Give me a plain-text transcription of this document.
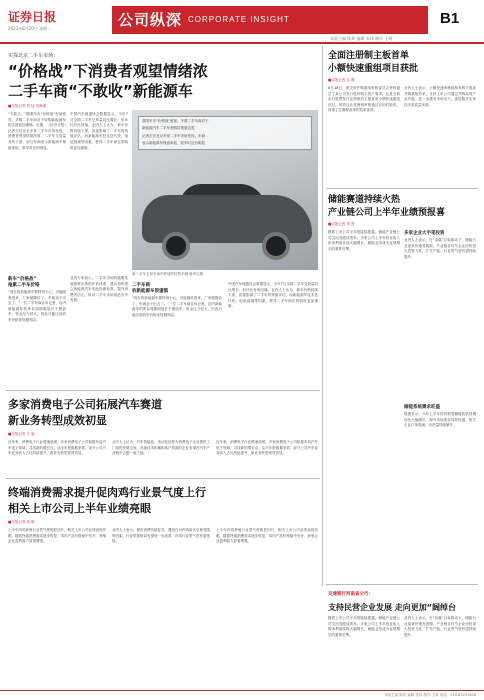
证券日报
2023年8月20日 星期一	公司纵深 CORPORATE INSIGHT	B1
本版主编 陈炜 编辑 张伟 制作 王晓
实探北京二手车市场：
“价格战”下消费者观望情绪浓
二手车商“不敢收”新能源车
■本报记者 刘 钊 肖海瑞
“不敢买，”随着车市“价格战”愈演愈烈，多数二手车商对于收购新能源车的态度更加谨慎。近期，《证券日报》记者走访北京多家二手车市场发现，消费者观望情绪浓厚，二手车交易量有所下滑，部分车商表示新能源车保值率低，收车时压价明显。
中国汽车流通协会数据显示，今年7月全国二手车交易量同比增长，但环比有所回落。业内人士认为，新车价格持续下探，直接影响了二手车的残值评估，而新能源车技术迭代快、电池衰减等因素，使得二手车商在收购时更加谨慎。
新车“价格战”
拖累二手车价格
“现在收新能源车要特别小心，可能刚收进来，厂家就降价了，车就卖不出去了。”一位二手车商告诉记者，店内新能源车的库存周期明显长于燃油车，资金压力较大，因此只能压低收车价格来规避风险。
业内专家表示，二手车市场的健康发展需要完善的评估体系，建议加快建立新能源汽车电池检测标准，提升消费者信心，推动二手车市场规范有序发展。
我国车市“价格战”愈演，多数二手车商对于
新能源汽车二手车收购持观望态度
记者走访北京多家二手车市场发现，车商
表示新能源车保值率低，收车时压价明显
某二手车交易市场内停放的待售车辆 新华社图
二手车商
收新能源车很谨慎
“现在收新能源车要特别小心，可能刚收进来，厂家就降价了，车就卖不出去了。”一位二手车商告诉记者，店内新能源车的库存周期明显长于燃油车，资金压力较大，因此只能压低收车价格来规避风险。
中国汽车流通协会数据显示，今年7月全国二手车交易量同比增长，但环比有所回落。业内人士认为，新车价格持续下探，直接影响了二手车的残值评估，而新能源车技术迭代快、电池衰减等因素，使得二手车商在收购时更加谨慎。
全面注册制主板首单
小额快速重组项目获批
■本报记者 吴 珊
8月18日，深交所并购重组审核委员会审核通过了某公司发行股份购买资产事项，这是全面实行股票发行注册制后主板首单小额快速重组项目。该项目从受理到审核通过仅用时较短，体现了注册制改革的效率优势。
业内人士表示，小额快速审核机制有利于提高并购重组效率，支持上市公司通过并购实现产业升级，进一步激发市场活力，更好服务实体经济高质量发展。
储能赛道持续火热
产业链公司上半年业绩预报喜
■本报记者 李 婷
随着上市公司半年报陆续披露，储能产业链公司交出亮眼成绩单。多家公司上半年营业收入和净利润实现大幅增长，储能业务成为业绩增长的重要引擎。
多家企业大手笔投资
业内人士表示，在“双碳”目标推动下，储能行业迎来快速发展期，产业链各环节企业纷纷加大投资力度，扩充产能，行业景气度有望持续提升。
储能系统需求旺盛
数据显示，今年上半年国内新型储能装机规模同比大幅增长，海外市场需求同样旺盛，相关企业订单饱满，出货量持续攀升。
多家消费电子公司拓展汽车赛道
新业务转型成效初显
■本报记者 王 丽
近年来，消费电子行业增速放缓，多家消费电子公司积极布局汽车电子领域，寻找新的增长点。从半年报数据来看，部分公司汽车业务收入占比持续提升，新业务转型成效初显。
业内人士认为，汽车智能化、电动化趋势为消费电子企业提供了广阔的发展空间，具备技术积累和客户资源的企业有望在汽车产业链中占据一席之地。
近年来，消费电子行业增速放缓，多家消费电子公司积极布局汽车电子领域，寻找新的增长点。从半年报数据来看，部分公司汽车业务收入占比持续提升，新业务转型成效初显。
终端消费需求提升促肉鸡行业景气度上行
相关上市公司上半年业绩亮眼
■本报记者 张 晓
上半年肉鸡养殖行业景气度明显回升，相关上市公司业绩表现亮眼。随着终端消费需求逐步恢复，鸡肉产品价格稳中有升，养殖企业盈利能力显著增强。
业内人士表示，餐饮消费持续复苏，叠加白羽肉鸡祖代引种受限等因素，行业供需格局有望进一步改善，肉鸡行业景气度有望延续。
上半年肉鸡养殖行业景气度明显回升，相关上市公司业绩表现亮眼。随着终端消费需求逐步恢复，鸡肉产品价格稳中有升，养殖企业盈利能力显著增强。
交通银行河南省分行：
支持民营企业发展 走向更加“阔绰台
随着上市公司半年报陆续披露，储能产业链公司交出亮眼成绩单。多家公司上半年营业收入和净利润实现大幅增长，储能业务成为业绩增长的重要引擎。
业内人士表示，在“双碳”目标推动下，储能行业迎来快速发展期，产业链各环节企业纷纷加大投资力度，扩充产能，行业景气度有望持续提升。
本版主编 陈炜 编辑 张伟 制作 王晓 电话：010-83251808
